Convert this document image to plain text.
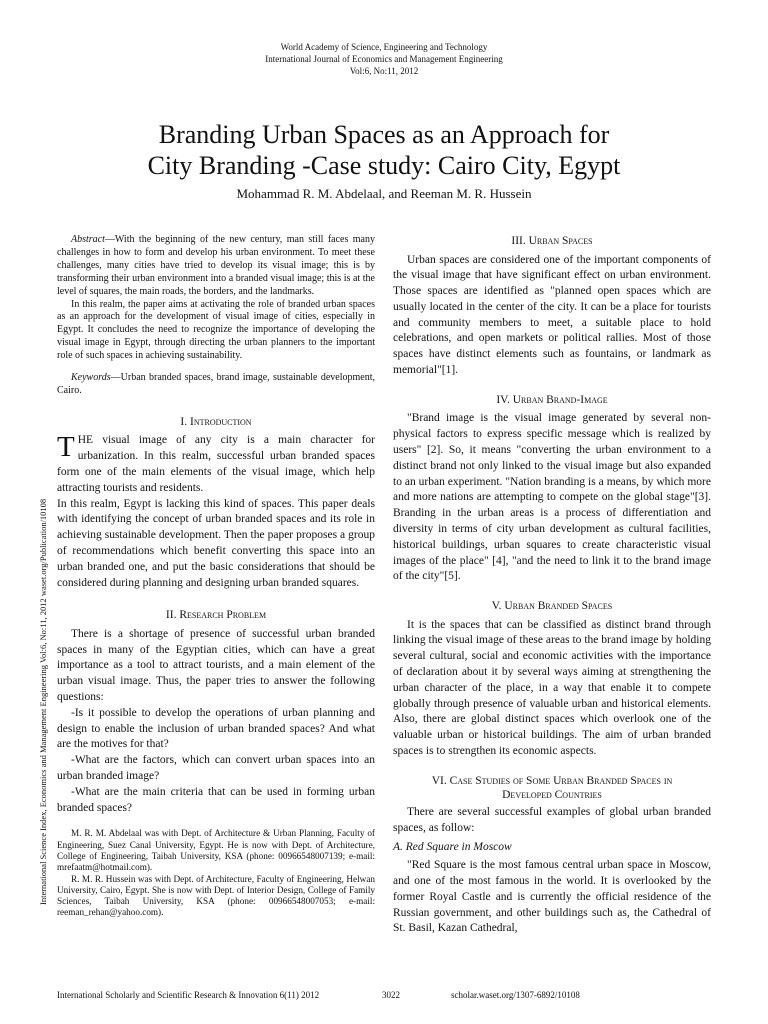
World Academy of Science, Engineering and Technology
International Journal of Economics and Management Engineering
Vol:6, No:11, 2012
Branding Urban Spaces as an Approach for
City Branding -Case study: Cairo City, Egypt
Mohammad R. M. Abdelaal, and Reeman M. R. Hussein
International Science Index, Economics and Management Engineering Vol:6, No:11, 2012 waset.org/Publication/10108

Abstract—With the beginning of the new century, man still faces many challenges in how to form and develop his urban environment. To meet these challenges, many cities have tried to develop its visual image; this is by transforming their urban environment into a branded visual image; this is at the level of squares, the main roads, the borders, and the landmarks.

In this realm, the paper aims at activating the role of branded urban spaces as an approach for the development of visual image of cities, especially in Egypt. It concludes the need to recognize the importance of developing the visual image in Egypt, through directing the urban planners to the important role of such spaces in achieving sustainability.

Keywords—Urban branded spaces, brand image, sustainable development, Cairo.

I. Introduction

THE visual image of any city is a main character for urbanization. In this realm, successful urban branded spaces form one of the main elements of the visual image, which help attracting tourists and residents.

In this realm, Egypt is lacking this kind of spaces. This paper deals with identifying the concept of urban branded spaces and its role in achieving sustainable development. Then the paper proposes a group of recommendations which benefit converting this space into an urban branded one, and put the basic considerations that should be considered during planning and designing urban branded squares.

II. Research Problem

There is a shortage of presence of successful urban branded spaces in many of the Egyptian cities, which can have a great importance as a tool to attract tourists, and a main element of the urban visual image. Thus, the paper tries to answer the following questions:

-Is it possible to develop the operations of urban planning and design to enable the inclusion of urban branded spaces? And what are the motives for that?

-What are the factors, which can convert urban spaces into an urban branded image?

-What are the main criteria that can be used in forming urban branded spaces?

M. R. M. Abdelaal was with Dept. of Architecture & Urban Planning, Faculty of Engineering, Suez Canal University, Egypt. He is now with Dept. of Architecture, College of Engineering, Taibah University, KSA (phone: 00966548007139; e-mail: mrefaatm@hotmail.com).

R. M. R. Hussein was with Dept. of Architecture, Faculty of Engineering, Helwan University, Cairo, Egypt. She is now with Dept. of Interior Design, College of Family Sciences, Taibah University, KSA (phone: 00966548007053; e-mail: reeman_rehan@yahoo.com).

III. Urban Spaces

Urban spaces are considered one of the important components of the visual image that have significant effect on urban environment. Those spaces are identified as "planned open spaces which are usually located in the center of the city. It can be a place for tourists and community members to meet, a suitable place to hold celebrations, and open markets or political rallies. Most of those spaces have distinct elements such as fountains, or landmark as memorial"[1].

IV. Urban Brand-Image

"Brand image is the visual image generated by several non-physical factors to express specific message which is realized by users" [2]. So, it means "converting the urban environment to a distinct brand not only linked to the visual image but also expanded to an urban experiment. "Nation branding is a means, by which more and more nations are attempting to compete on the global stage"[3]. Branding in the urban areas is a process of differentiation and diversity in terms of city urban development as cultural facilities, historical buildings, urban squares to create characteristic visual images of the place" [4], "and the need to link it to the brand image of the city"[5].

V. Urban Branded Spaces

It is the spaces that can be classified as distinct brand through linking the visual image of these areas to the brand image by holding several cultural, social and economic activities with the importance of declaration about it by several ways aiming at strengthening the urban character of the place, in a way that enable it to compete globally through presence of valuable urban and historical elements. Also, there are global distinct spaces which overlook one of the valuable urban or historical buildings. The aim of urban branded spaces is to strengthen its economic aspects.

VI. Case Studies of Some Urban Branded Spaces in
Developed Countries

There are several successful examples of global urban branded spaces, as follow:

A. Red Square in Moscow

"Red Square is the most famous central urban space in Moscow, and one of the most famous in the world. It is overlooked by the former Royal Castle and is currently the official residence of the Russian government, and other buildings such as, the Cathedral of St. Basil, Kazan Cathedral,

International Scholarly and Scientific Research & Innovation 6(11) 2012	3022	scholar.waset.org/1307-6892/10108
